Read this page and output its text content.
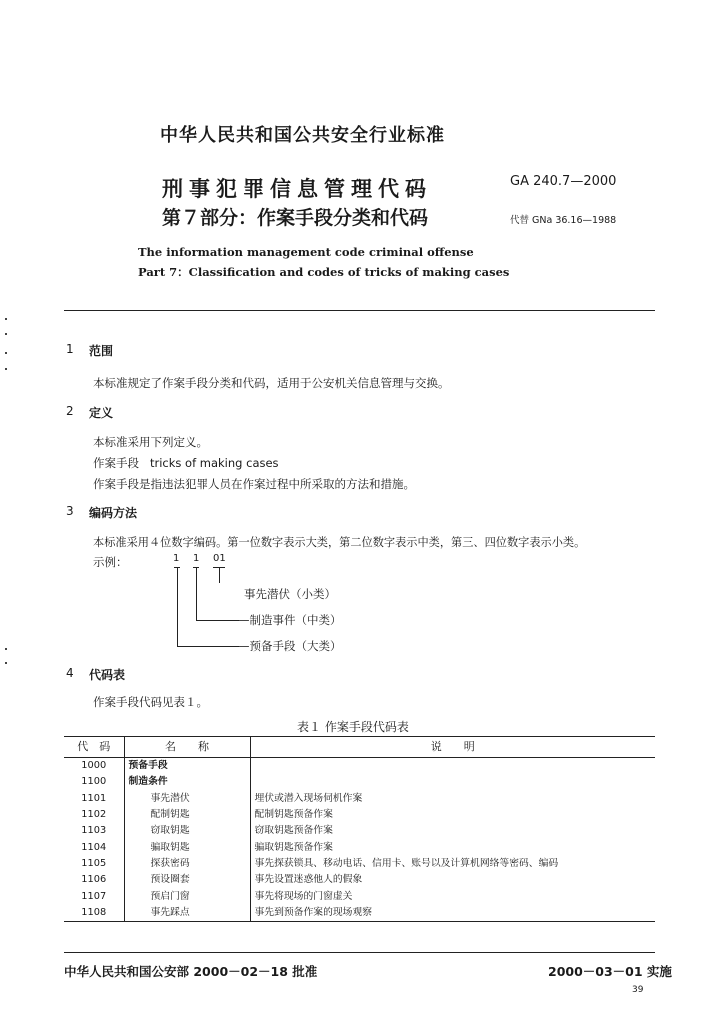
中华人民共和国公共安全行业标准
刑事犯罪信息管理代码
第７部分：作案手段分类和代码
GA 240.7—2000
代替 GNa 36.16—1988
The information management code criminal offense
Part 7：Classification and codes of tricks of making cases
1 范围
本标准规定了作案手段分类和代码，适用于公安机关信息管理与交换。
2 定义
本标准采用下列定义。
作案手段   tricks of making cases
作案手段是指违法犯罪人员在作案过程中所采取的方法和措施。
3 编码方法
本标准采用４位数字编码。第一位数字表示大类，第二位数字表示中类，第三、四位数字表示小类。
示例：	1 1 01
事先潜伏（小类）
—制造事件（中类）
—预备手段（大类）
4 代码表
作案手段代码见表１。
表１ 作案手段代码表
代　码	名　　称	说　　明
1000	预备手段	
1100	制造条件	
1101	事先潜伏	埋伏或潜入现场伺机作案
1102	配制钥匙	配制钥匙预备作案
1103	窃取钥匙	窃取钥匙预备作案
1104	骗取钥匙	骗取钥匙预备作案
1105	探获密码	事先探获锁具、移动电话、信用卡、账号以及计算机网络等密码、编码
1106	预设圈套	事先设置迷惑他人的假象
1107	预启门窗	事先将现场的门窗虚关
1108	事先踩点	事先到预备作案的现场观察
中华人民共和国公安部 2000－02－18 批准	2000－03－01 实施
39
